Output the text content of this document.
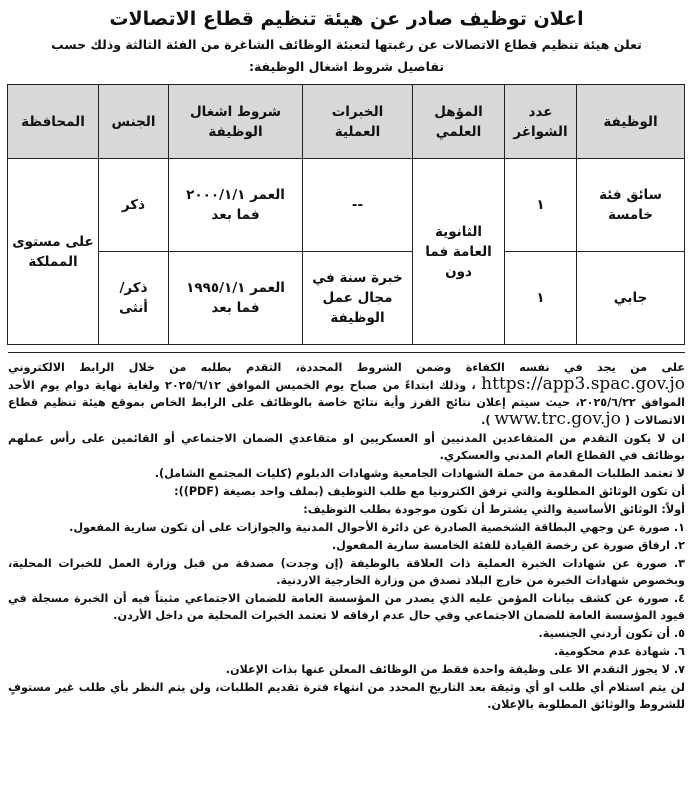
اعلان توظيف صادر عن هيئة تنظيم قطاع الاتصالات
تعلن هيئة تنظيم قطاع الاتصالات عن رغبتها لتعبئة الوظائف الشاغرة من الفئة الثالثة وذلك حسب
تفاصيل شروط اشغال الوظيفة:
الوظيفة	عدد الشواغر	المؤهل العلمي	الخبرات العملية	شروط اشغال الوظيفة	الجنس	المحافظة
سائق فئة خامسة	١	الثانوية العامة فما دون	--	العمر ٢٠٠٠/١/١ فما بعد	ذكر	على مستوى المملكة
جابي	١		خبرة سنة في مجال عمل الوظيفة	العمر ١٩٩٥/١/١ فما بعد	ذكر/ أنثى	

على من يجد في نفسه الكفاءة وضمن الشروط المحددة، التقدم بطلبه من خلال الرابط الالكتروني https://app3.spac.gov.jo ، وذلك ابتداءً من صباح يوم الخميس الموافق ٢٠٢٥/٦/١٢ ولغاية نهاية دوام يوم الأحد الموافق ٢٠٢٥/٦/٢٢، حيث سيتم إعلان نتائج الفرز وأية نتائج خاصة بالوظائف على الرابط الخاص بموقع هيئة تنظيم قطاع الاتصالات ( www.trc.gov.jo ).

ان لا يكون التقدم من المتقاعدين المدنيين أو العسكريين او متقاعدي الضمان الاجتماعي أو القائمين على رأس عملهم بوظائف في القطاع العام المدني والعسكري.

لا تعتمد الطلبات المقدمة من حملة الشهادات الجامعية وشهادات الدبلوم (كليات المجتمع الشامل).

أن تكون الوثائق المطلوبة والتي ترفق الكترونيا مع طلب التوظيف (بملف واحد بصيغة (PDF)):

أولاً: الوثائق الأساسية والتي يشترط أن تكون موجودة بطلب التوظيف:

١. صورة عن وجهي البطاقة الشخصية الصادرة عن دائرة الأحوال المدنية والجوازات على أن تكون سارية المفعول.

٢. ارفاق صورة عن رخصة القيادة للفئة الخامسة سارية المفعول.

٣. صورة عن شهادات الخبرة العملية ذات العلاقة بالوظيفة (إن وجدت) مصدقة من قبل وزارة العمل للخبرات المحلية، وبخصوص شهادات الخبرة من خارج البلاد تصدق من وزارة الخارجية الاردنية.

٤. صورة عن كشف بيانات المؤمن عليه الذي يصدر من المؤسسة العامة للضمان الاجتماعي مثبتاً فيه أن الخبرة مسجلة في قيود المؤسسة العامة للضمان الاجتماعي وفي حال عدم ارفاقه لا تعتمد الخبرات المحلية من داخل الأردن.

٥. أن تكون أردني الجنسية.

٦. شهادة عدم محكومية.

٧. لا يجوز التقدم الا على وظيفة واحدة فقط من الوظائف المعلن عنها بذات الإعلان.

لن يتم استلام أي طلب او أي وثيقة بعد التاريخ المحدد من انتهاء فترة تقديم الطلبات، ولن يتم النظر بأي طلب غير مستوفٍ للشروط والوثائق المطلوبة بالإعلان.
